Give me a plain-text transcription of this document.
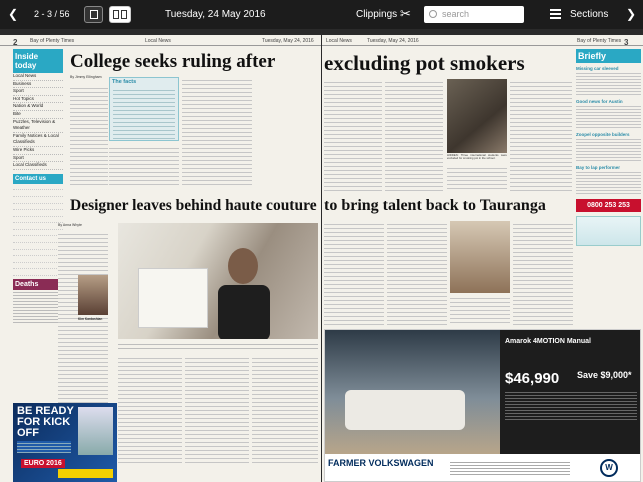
❮ 2 - 3 / 56	Tuesday, 24 May 2016	Clippings ✂	search	Sections ❯
2	Bay of Plenty Times	Local News	Tuesday, May 24, 2016
Inside today
Local News
Business
Sport
Hot Topics
Nation & World
Bite
Puzzles, Television & Weather
Family Notices & Local Classifieds
Wire Picks
Sport
Local Classifieds
Contact us

Deaths
College seeks ruling after
By Jimmy Ellingham
The facts
Designer leaves behind haute couture
By Anna Whyte
Kim Kardashian
BE READY FOR KICK OFF
EURO 2016
Local News	Tuesday, May 24, 2016	Bay of Plenty Times 3
excluding pot smokers
HIDDEN: Three international students were excluded for smoking pot in the school.
Briefly
Missing car sleeved
Good news for Austin
Zoopel opposite builders
Bay to lap performer
0800 253 253
to bring talent back to Tauranga
Amarok 4MOTION Manual
$46,990 Save $9,000*
FARMER VOLKSWAGEN	W
